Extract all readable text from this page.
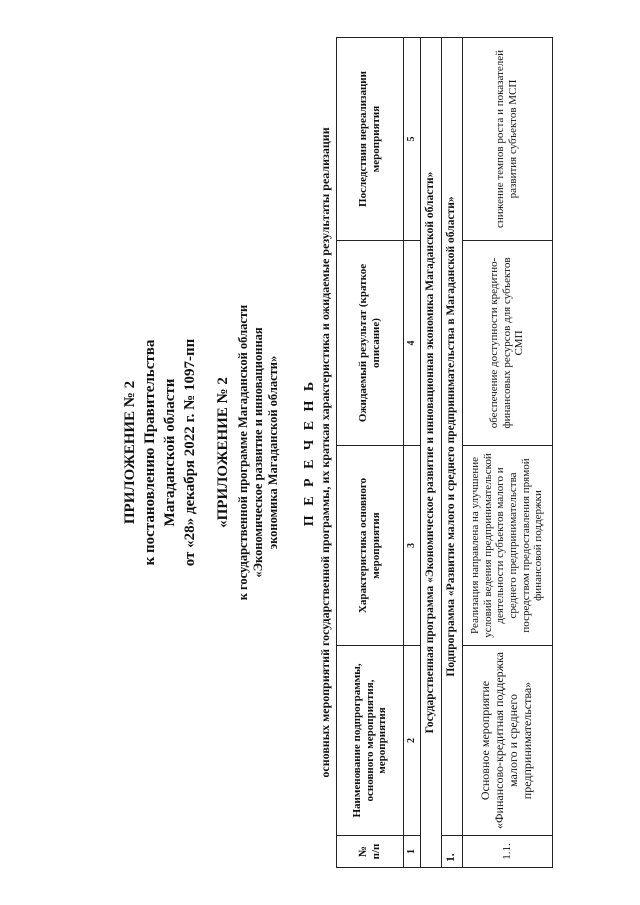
ПРИЛОЖЕНИЕ № 2 к постановлению Правительства Магаданской области от «28» декабря 2022 г. № 1097-пп «ПРИЛОЖЕНИЕ № 2 к государственной программе Магаданской области «Экономическое развитие и инновационная экономика Магаданской области» П Е Р Е Ч Е Н Ь основных мероприятий государственной программы, их краткая характеристика и ожидаемые результаты реализации
№ п/п	Наименование подпрограммы, основного мероприятия, мероприятия	Характеристика основного мероприятия	Ожидаемый результат (краткое описание)	Последствия нереализации мероприятия
1	2	3	4	5
Государственная программа «Экономическое развитие и инновационная экономика Магаданской области»				
1.	Подпрограмма «Развитие малого и среднего предпринимательства в Магаданской области»			
1.1.	Основное мероприятие «Финансово-кредитная поддержка малого и среднего предпринимательства»	Реализация направлена на улучшение условий ведения предпринимательской деятельности субъектов малого и среднего предпринимательства посредством предоставления прямой финансовой поддержки	обеспечение доступности кредитно-финансовых ресурсов для субъектов СМП	снижение темпов роста и показателей развития субъектов МСП
